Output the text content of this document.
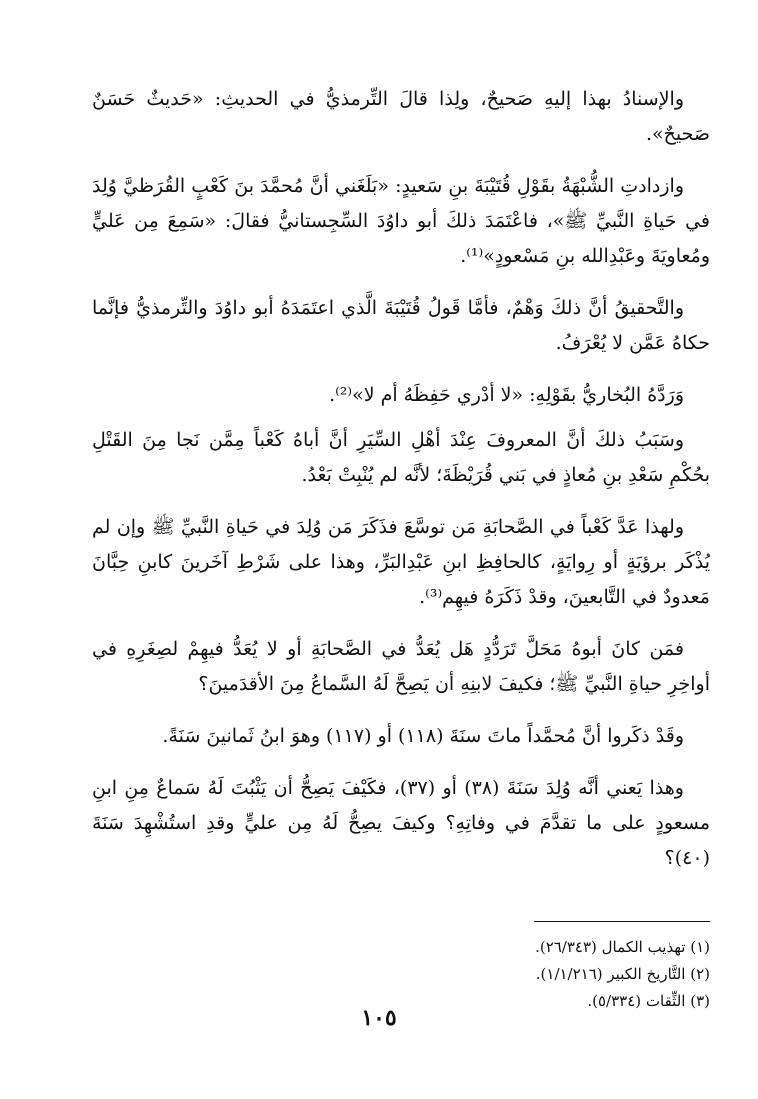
والإسنادُ بهذا إليهِ صَحيحٌ، ولِذا قالَ التِّرمذيُّ في الحديثِ: «حَديثٌ حَسَنٌ صَحيحٌ».

وازدادتِ الشُّبْهَةُ بقَوْلِ قُتَيْبَةَ بنِ سَعيدٍ: «بَلَغَني أنَّ مُحمَّدَ بنَ كَعْبٍ القُرَظيَّ وُلِدَ في حَياةِ النَّبيِّ ﷺ»، فاعْتَمَدَ ذلكَ أبو داوُدَ السِّجِستانيُّ فقالَ: «سَمِعَ مِن عَليٍّ ومُعاويَةَ وعَبْدِالله بنِ مَسْعودٍ»⁽¹⁾.

والتَّحقيقُ أنَّ ذلكَ وَهْمٌ، فأمَّا قَولُ قُتَيْبَةَ الَّذي اعتَمَدَهُ أبو داوُدَ والتِّرمذيُّ فإنَّما حكاهُ عَمَّن لا يُعْرَفُ.

وَرَدَّهُ البُخاريُّ بقَوْلِهِ: «لا أدْري حَفِظَهُ أم لا»⁽²⁾.

وسَبَبُ ذلكَ أنَّ المعروفَ عِنْدَ أهْلِ السِّيَرِ أنَّ أباهُ كَعْباً مِمَّن نَجا مِنَ القَتْلِ بحُكْمِ سَعْدِ بنِ مُعاذٍ في بَني قُرَيْظَةَ؛ لأنَّه لم يُنْبِتْ بَعْدُ.

ولهذا عَدَّ كَعْباً في الصَّحابَةِ مَن توسَّعَ فذَكَرَ مَن وُلِدَ في حَياةِ النَّبيِّ ﷺ وإن لم يُذْكَر برؤيَةٍ أو رِوايَةٍ، كالحافِظِ ابنِ عَبْدِالبَرِّ، وهذا على شَرْطِ آخَرينَ كابنِ حِبَّانَ مَعدودٌ في التَّابعينَ، وقدْ ذَكَرَهُ فيهِم⁽³⁾.

فمَن كانَ أبوهُ مَحَلَّ تَرَدُّدٍ هَل يُعَدُّ في الصَّحابَةِ أو لا يُعَدُّ فيهِمْ لصِغَرِهِ في أواخِرِ حياةِ النَّبيِّ ﷺ؛ فكيفَ لابنِهِ أن يَصِحَّ لَهُ السَّماعُ مِنَ الأقدَمينَ؟

وقَدْ ذكَروا أنَّ مُحمَّداً ماتَ سنَةَ (١١٨) أو (١١٧) وهوَ ابنُ ثَمانينَ سَنَةً.

وهذا يَعني أنَّه وُلِدَ سَنَةَ (٣٨) أو (٣٧)، فكَيْفَ يَصِحُّ أن يَثْبُتَ لَهُ سَماعٌ مِنِ ابنِ مسعودٍ على ما تقدَّمَ في وفاتِهِ؟ وكيفَ يصِحُّ لَهُ مِن عليٍّ وقدِ استُشْهِدَ سَنَةَ (٤٠)؟

(١) تهذيب الكمال (٢٦/٣٤٣).
(٢) التَّاريخ الكبير (١/١/٢١٦).
(٣) الثِّقات (٥/٣٣٤).
١٠٥
